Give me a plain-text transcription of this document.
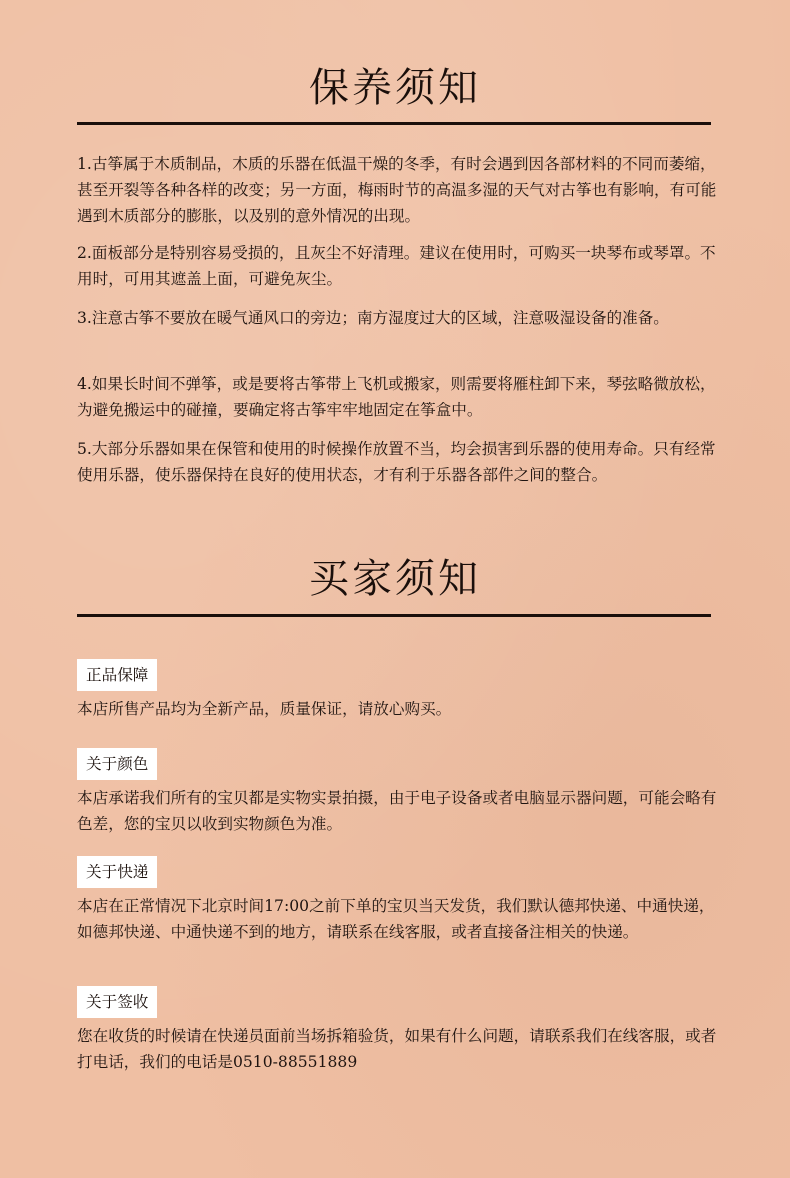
保养须知

1.古筝属于木质制品，木质的乐器在低温干燥的冬季，有时会遇到因各部材料的不同而萎缩，甚至开裂等各种各样的改变；另一方面，梅雨时节的高温多湿的天气对古筝也有影响，有可能遇到木质部分的膨胀，以及别的意外情况的出现。

2.面板部分是特别容易受损的，且灰尘不好清理。建议在使用时，可购买一块琴布或琴罩。不用时，可用其遮盖上面，可避免灰尘。

3.注意古筝不要放在暖气通风口的旁边；南方湿度过大的区域，注意吸湿设备的准备。

4.如果长时间不弹筝，或是要将古筝带上飞机或搬家，则需要将雁柱卸下来，琴弦略微放松，为避免搬运中的碰撞，要确定将古筝牢牢地固定在筝盒中。

5.大部分乐器如果在保管和使用的时候操作放置不当，均会损害到乐器的使用寿命。只有经常使用乐器，使乐器保持在良好的使用状态，才有利于乐器各部件之间的整合。

买家须知
正品保障

本店所售产品均为全新产品，质量保证，请放心购买。

关于颜色

本店承诺我们所有的宝贝都是实物实景拍摄，由于电子设备或者电脑显示器问题，可能会略有色差，您的宝贝以收到实物颜色为准。

关于快递

本店在正常情况下北京时间17:00之前下单的宝贝当天发货，我们默认德邦快递、中通快递，如德邦快递、中通快递不到的地方，请联系在线客服，或者直接备注相关的快递。

关于签收

您在收货的时候请在快递员面前当场拆箱验货，如果有什么问题，请联系我们在线客服，或者打电话，我们的电话是0510-88551889
